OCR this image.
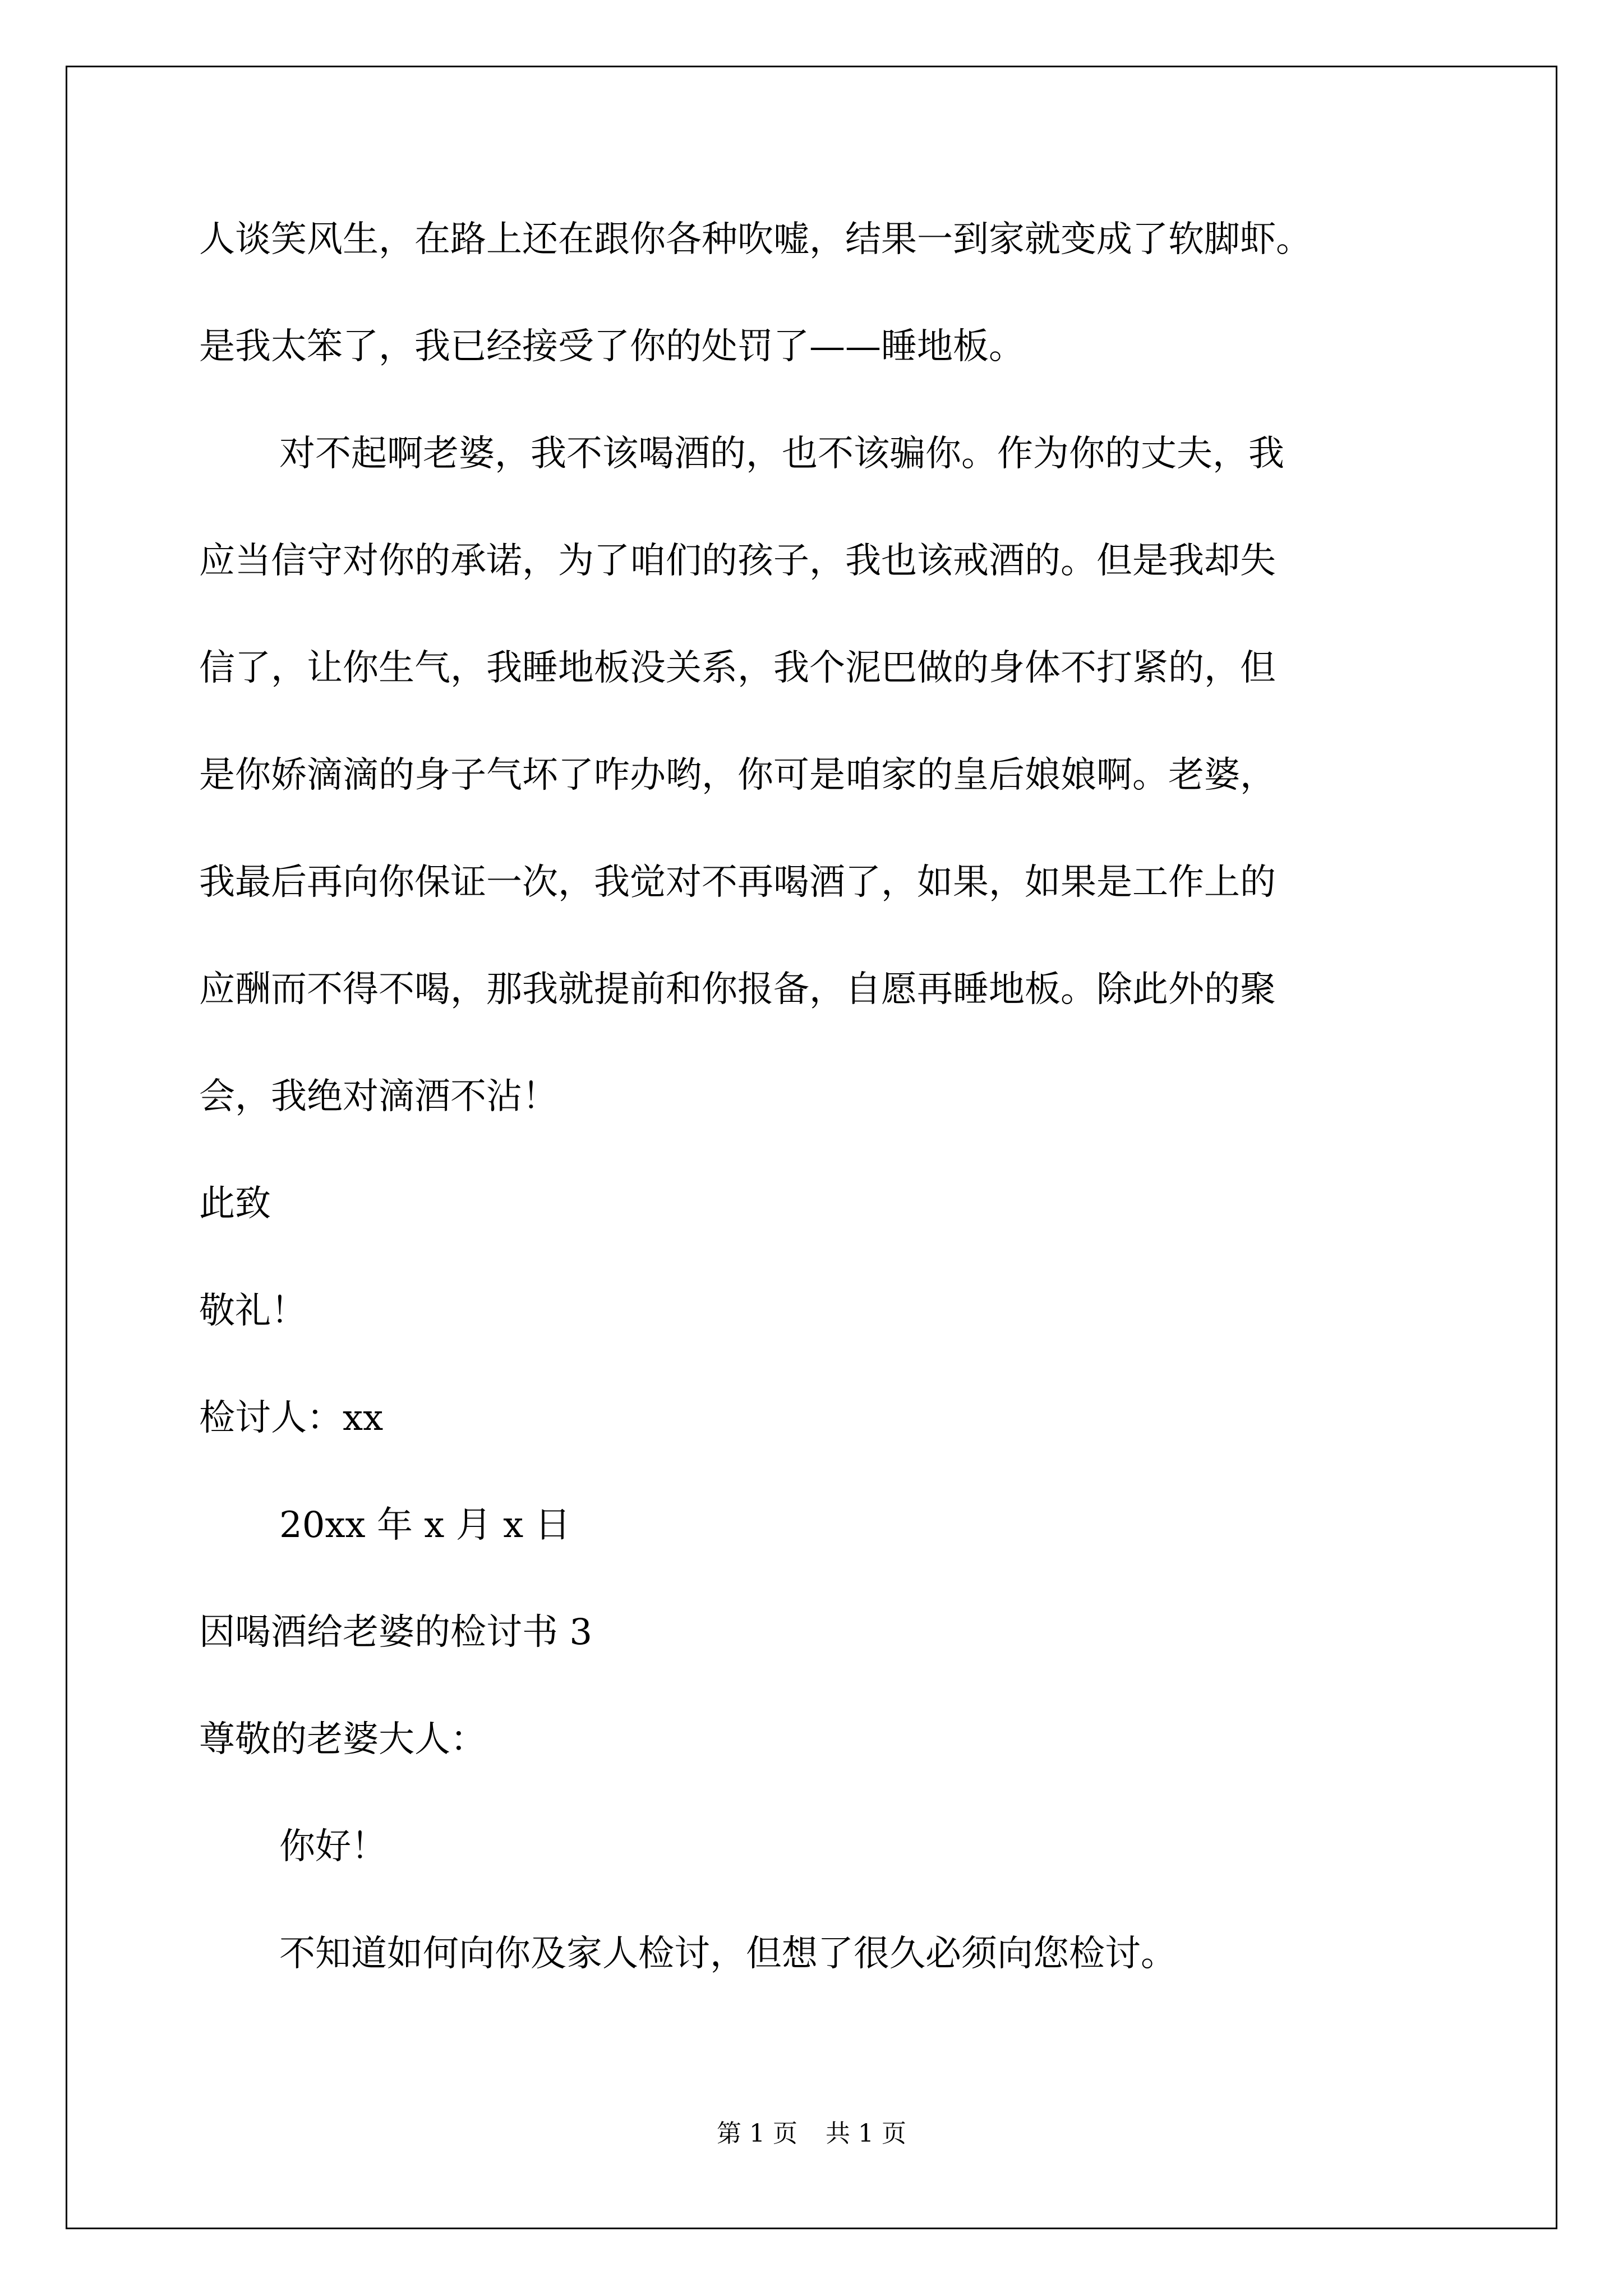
人谈笑风生，在路上还在跟你各种吹嘘，结果一到家就变成了软脚虾。

是我太笨了，我已经接受了你的处罚了——睡地板。

对不起啊老婆，我不该喝酒的，也不该骗你。作为你的丈夫，我

应当信守对你的承诺，为了咱们的孩子，我也该戒酒的。但是我却失

信了，让你生气，我睡地板没关系，我个泥巴做的身体不打紧的，但

是你娇滴滴的身子气坏了咋办哟，你可是咱家的皇后娘娘啊。老婆，

我最后再向你保证一次，我觉对不再喝酒了，如果，如果是工作上的

应酬而不得不喝，那我就提前和你报备，自愿再睡地板。除此外的聚

会，我绝对滴酒不沾！

此致

敬礼！

检讨人：xx

20xx 年 x 月 x 日

因喝酒给老婆的检讨书 3

尊敬的老婆大人：

你好！

不知道如何向你及家人检讨，但想了很久必须向您检讨。

第 1 页 共 1 页
